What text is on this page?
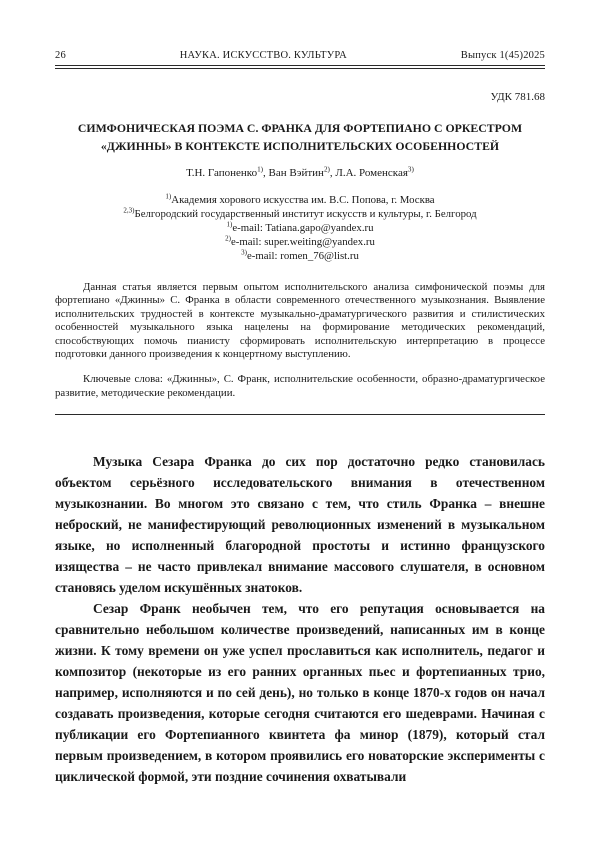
26	НАУКА. ИСКУССТВО. КУЛЬТУРА	Выпуск 1(45)2025
УДК 781.68
СИМФОНИЧЕСКАЯ ПОЭМА С. ФРАНКА ДЛЯ ФОРТЕПИАНО С ОРКЕСТРОМ «ДЖИННЫ» В КОНТЕКСТЕ ИСПОЛНИТЕЛЬСКИХ ОСОБЕННОСТЕЙ
Т.Н. Гапоненко$^{1)}$, Ван Вэйтин$^{2)}$, Л.А. Роменская$^{3)}$
$^{1)}$Академия хорового искусства им. В.С. Попова, г. Москва
$^{2,3)}$Белгородский государственный институт искусств и культуры, г. Белгород
$^{1)}$e-mail: Tatiana.gapo@yandex.ru
$^{2)}$e-mail: super.weiting@yandex.ru
$^{3)}$e-mail: romen_76@list.ru
Данная статья является первым опытом исполнительского анализа симфонической поэмы для фортепиано «Джинны» С. Франка в области современного отечественного музыкознания. Выявление исполнительских трудностей в контексте музыкально-драматургического развития и стилистических особенностей музыкального языка нацелены на формирование методических рекомендаций, способствующих помочь пианисту сформировать исполнительскую интерпретацию в процессе подготовки данного произведения к концертному выступлению.
Ключевые слова: «Джинны», С. Франк, исполнительские особенности, образно-драматургическое развитие, методические рекомендации.

Музыка Сезара Франка до сих пор достаточно редко становилась объектом серьёзного исследовательского внимания в отечественном музыкознании. Во многом это связано с тем, что стиль Франка – внешне неброский, не манифестирующий революционных изменений в музыкальном языке, но исполненный благородной простоты и истинно французского изящества – не часто привлекал внимание массового слушателя, в основном становясь уделом искушённых знатоков.

Сезар Франк необычен тем, что его репутация основывается на сравнительно небольшом количестве произведений, написанных им в конце жизни. К тому времени он уже успел прославиться как исполнитель, педагог и композитор (некоторые из его ранних органных пьес и фортепианных трио, например, исполняются и по сей день), но только в конце 1870-х годов он начал создавать произведения, которые сегодня считаются его шедеврами. Начиная с публикации его Фортепианного квинтета фа минор (1879), который стал первым произведением, в котором проявились его новаторские эксперименты с циклической формой, эти поздние сочинения охватывали
